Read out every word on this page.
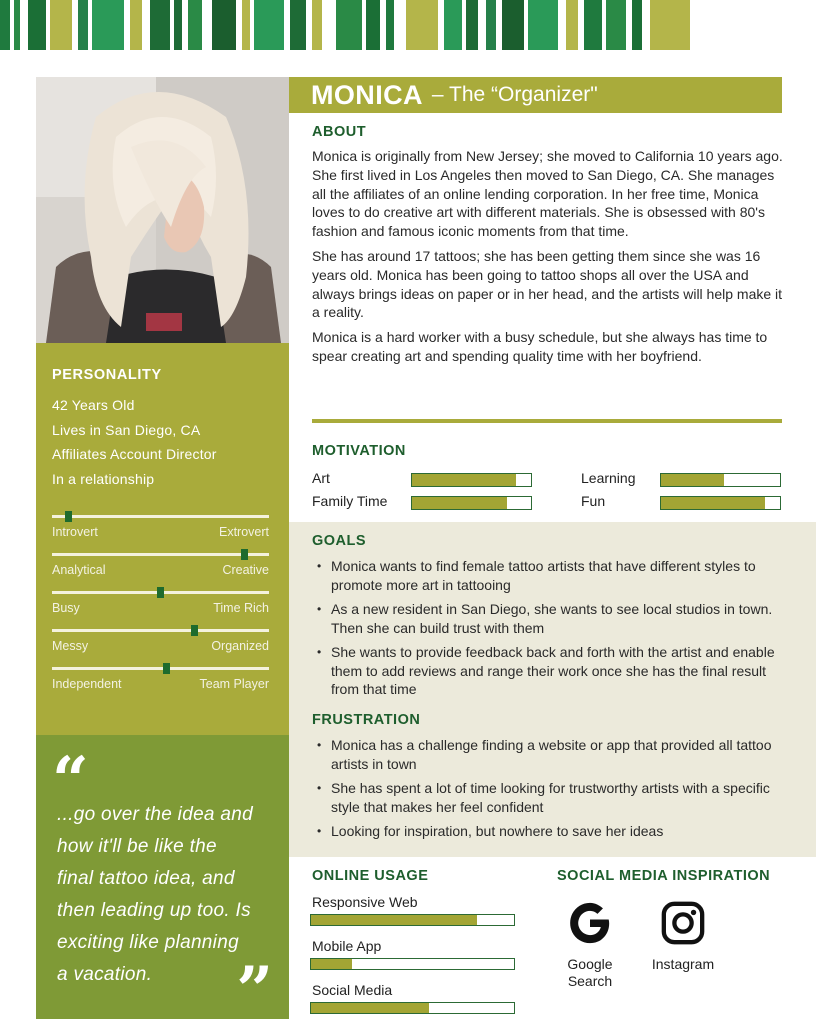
PERSONALITY
42 Years Old
Lives in San Diego, CA
Affiliates Account Director
In a relationship
Introvert	Extrovert
Analytical	Creative
Busy	Time Rich
Messy	Organized
Independent	Team Player
“
...go over the idea and
how it'll be like the
final tattoo idea, and
then leading up too. Is
exciting like planning
a vacation.	”
MONICA – The “Organizer"
ABOUT

Monica is originally from New Jersey; she moved to California 10 years ago. She first lived in Los Angeles then moved to San Diego, CA. She manages all the affiliates of an online lending corporation. In her free time, Monica loves to do creative art with different materials. She is obsessed with 80's fashion and famous iconic moments from that time.

She has around 17 tattoos; she has been getting them since she was 16 years old. Monica has been going to tattoo shops all over the USA and always brings ideas on paper or in her head, and the artists will help make it a reality.

Monica is a hard worker with a busy schedule, but she always has time to spear creating art and spending quality time with her boyfriend.

MOTIVATION
Art
Family Time
Learning
Fun
GOALS
• Monica wants to find female tattoo artists that have different styles to promote more art in tattooing
• As a new resident in San Diego, she wants to see local studios in town. Then she can build trust with them
• She wants to provide feedback back and forth with the artist and enable them to add reviews and range their work once she has the final result from that time
FRUSTRATION
• Monica has a challenge finding a website or app that provided all tattoo artists in town
• She has spent a lot of time looking for trustworthy artists with a specific style that makes her feel confident
• Looking for inspiration, but nowhere to save her ideas
ONLINE USAGE
Responsive Web
Mobile App
Social Media
SOCIAL MEDIA INSPIRATION
Google Search
Instagram
